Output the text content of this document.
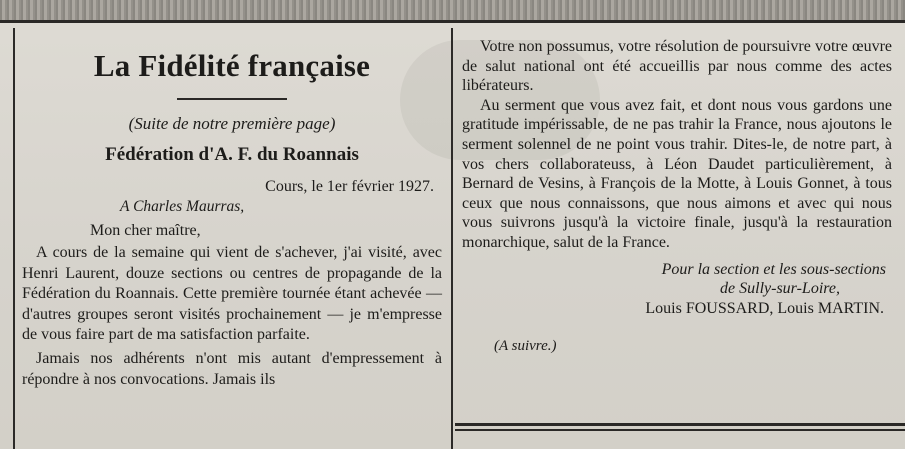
La Fidélité française
(Suite de notre première page)
Fédération d'A. F. du Roannais
Cours, le 1er février 1927.
A Charles Maurras,
Mon cher maître,

A cours de la semaine qui vient de s'achever, j'ai visité, avec Henri Laurent, douze sections ou centres de propagande de la Fédération du Roannais. Cette première tournée étant achevée — d'autres groupes seront visités prochainement — je m'empresse de vous faire part de ma satisfaction parfaite.

Jamais nos adhérents n'ont mis autant d'empressement à répondre à nos convocations. Jamais ils

Votre non possumus, votre résolution de poursuivre votre œuvre de salut national ont été accueillis par nous comme des actes libérateurs.

Au serment que vous avez fait, et dont nous vous gardons une gratitude impérissable, de ne pas trahir la France, nous ajoutons le serment solennel de ne point vous trahir. Dites-le, de notre part, à vos chers collaborateuss, à Léon Daudet particulièrement, à Bernard de Vesins, à François de la Motte, à Louis Gonnet, à tous ceux que nous connaissons, que nous aimons et avec qui nous vous suivrons jusqu'à la victoire finale, jusqu'à la restauration monarchique, salut de la France.

Pour la section et les sous-sections
de Sully-sur-Loire,
Louis FOUSSARD, Louis MARTIN.
(A suivre.)
